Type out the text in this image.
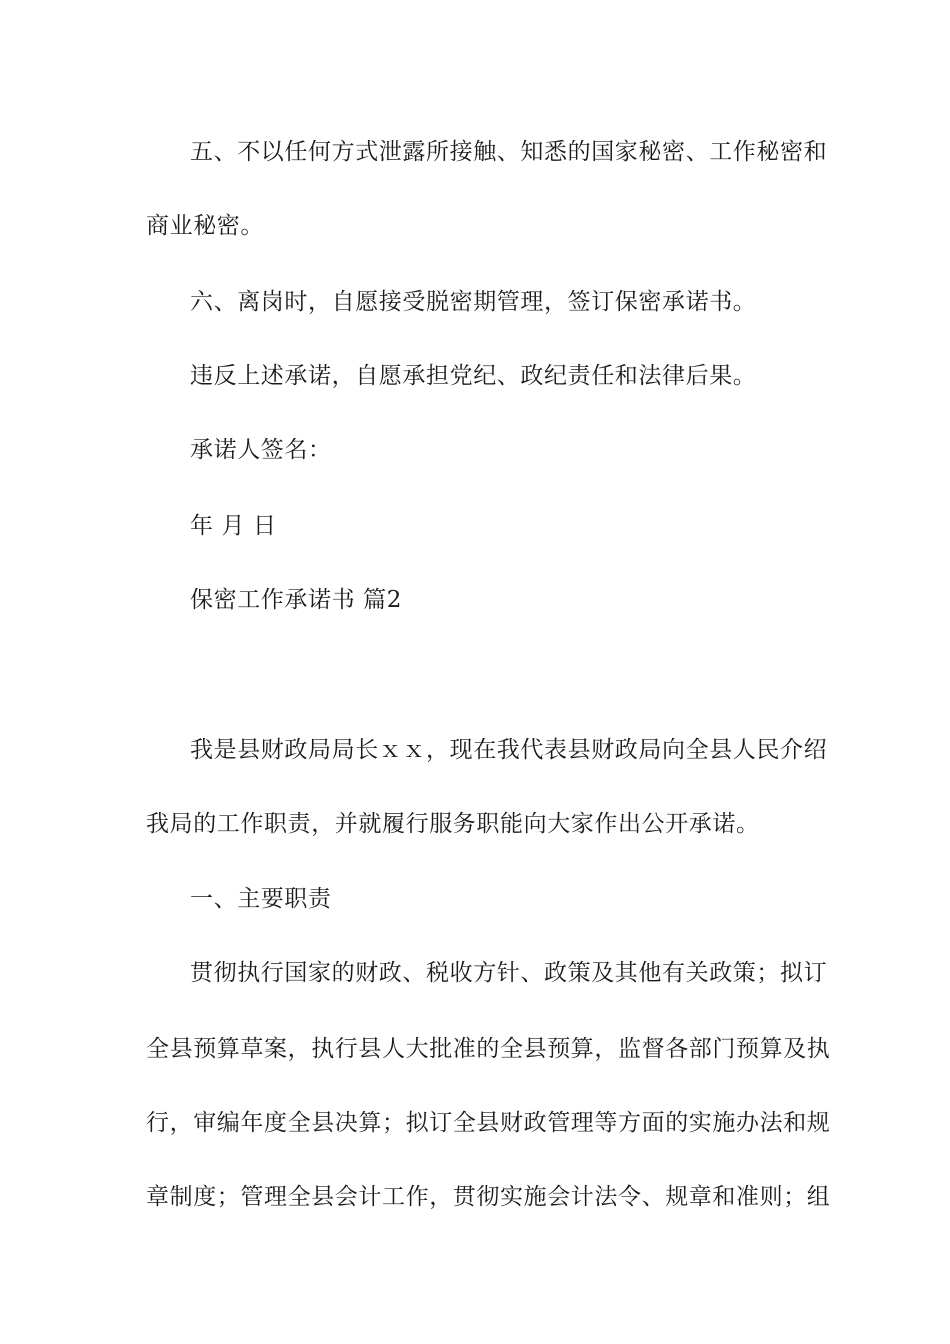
五、不以任何方式泄露所接触、知悉的国家秘密、工作秘密和
商业秘密。
六、离岗时，自愿接受脱密期管理，签订保密承诺书。
违反上述承诺，自愿承担党纪、政纪责任和法律后果。
承诺人签名：
年 月 日
保密工作承诺书 篇2
我是县财政局局长ｘｘ，现在我代表县财政局向全县人民介绍
我局的工作职责，并就履行服务职能向大家作出公开承诺。
一、主要职责
贯彻执行国家的财政、税收方针、政策及其他有关政策；拟订
全县预算草案，执行县人大批准的全县预算，监督各部门预算及执
行，审编年度全县决算；拟订全县财政管理等方面的实施办法和规
章制度；管理全县会计工作，贯彻实施会计法令、规章和准则；组
